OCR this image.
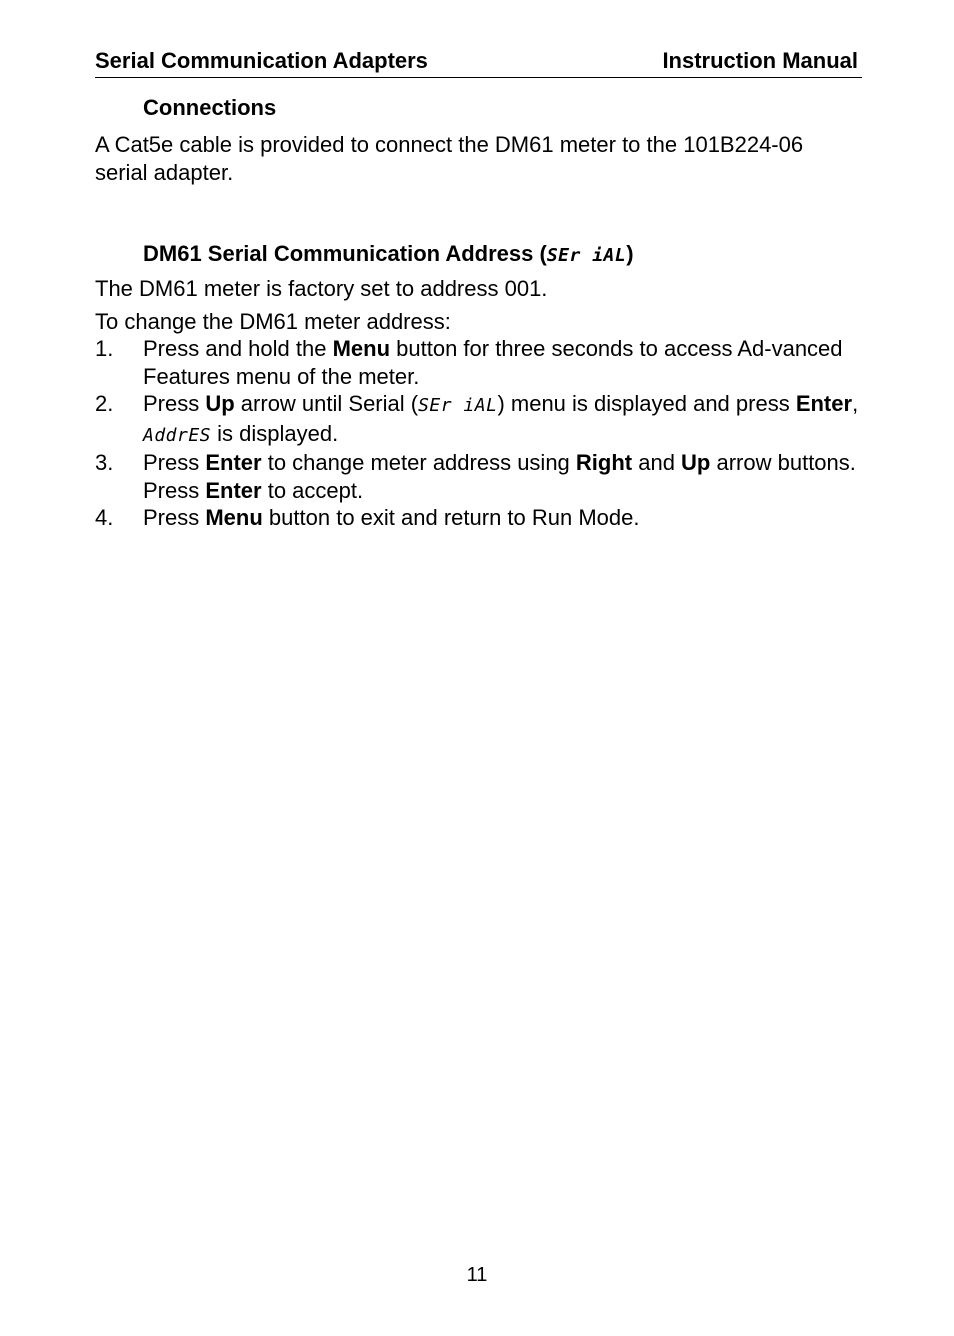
Serial Communication Adapters	Instruction Manual
Connections
A Cat5e cable is provided to connect the DM61 meter to the 101B224-06 serial adapter.
DM61 Serial Communication Address (SEr iAL)
The DM61 meter is factory set to address 001.
To change the DM61 meter address:
1. Press and hold the Menu button for three seconds to access Ad-vanced Features menu of the meter.
2. Press Up arrow until Serial (SEr iAL) menu is displayed and press Enter, AddrES is displayed.
3. Press Enter to change meter address using Right and Up arrow buttons. Press Enter to accept.
4. Press Menu button to exit and return to Run Mode.
11
